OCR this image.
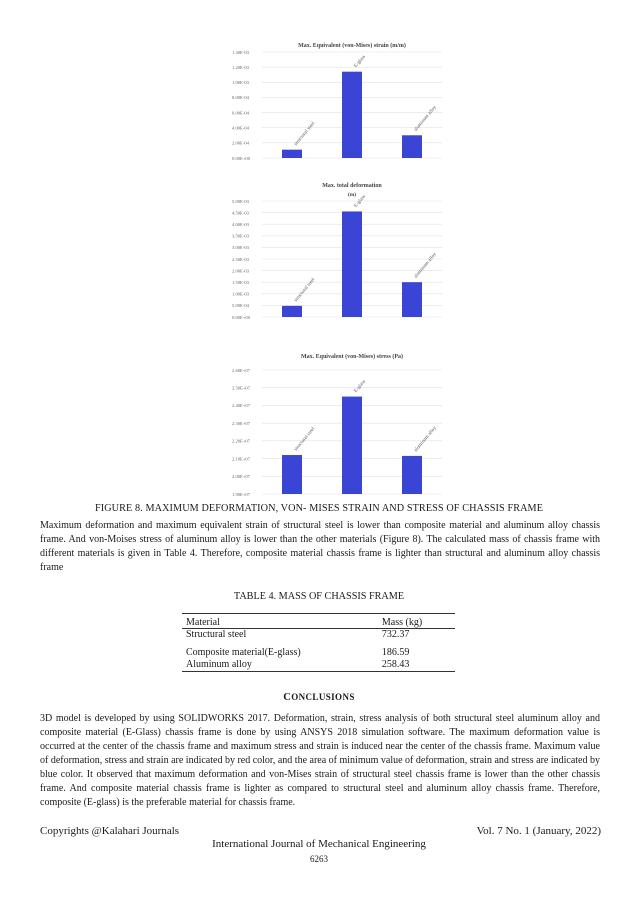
Max. Equivalent (von-Mises) strain (m/m)
0.00E+00
2.00E-04
4.00E-04
6.00E-04
8.00E-04
1.00E-03
1.20E-03
1.40E-03
structural steel
E-glass
aluminum alloy
Max. total deformation
(m)
0.00E+00
5.00E-04
1.00E-03
1.50E-03
2.00E-03
2.50E-03
3.00E-03
3.50E-03
4.00E-03
4.50E-03
5.00E-03
structural steel
E-glass
aluminum alloy
Max. Equivalent (von-Mises) stress (Pa)
1.90E+07
2.00E+07
2.10E+07
2.20E+07
2.30E+07
2.40E+07
2.50E+07
2.60E+07
structural steel
E-glass
aluminum alloy
FIGURE 8. MAXIMUM DEFORMATION, VON- MISES STRAIN AND STRESS OF CHASSIS FRAME

Maximum deformation and maximum equivalent strain of structural steel is lower than composite material and aluminum alloy chassis frame. And von-Moises stress of aluminum alloy is lower than the other materials (Figure 8). The calculated mass of chassis frame with different materials is given in Table 4. Therefore, composite material chassis frame is lighter than structural and aluminum alloy chassis frame

TABLE 4. MASS OF CHASSIS FRAME
Material	Mass (kg)
Structural steel	732.37
Composite material(E-glass)	186.59
Aluminum alloy	258.43
CONCLUSIONS

3D model is developed by using SOLIDWORKS 2017. Deformation, strain, stress analysis of both structural steel aluminum alloy and composite material (E-Glass) chassis frame is done by using ANSYS 2018 simulation software. The maximum deformation value is occurred at the center of the chassis frame and maximum stress and strain is induced near the center of the chassis frame. Maximum value of deformation, stress and strain are indicated by red color, and the area of minimum value of deformation, strain and stress are indicated by blue color. It observed that maximum deformation and von-Mises strain of structural steel chassis frame is lower than the other chassis frame. And composite material chassis frame is lighter as compared to structural steel and aluminum alloy chassis frame. Therefore, composite (E-glass) is the preferable material for chassis frame.

Copyrights @Kalahari Journals	Vol. 7 No. 1 (January, 2022)
International Journal of Mechanical Engineering
6263
